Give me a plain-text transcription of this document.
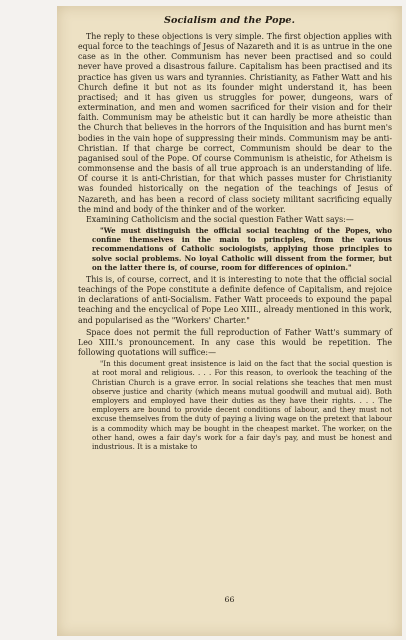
Socialism and the Pope.

The reply to these objections is very simple. The first objection applies with equal force to the teachings of Jesus of Nazareth and it is as untrue in the one case as in the other. Communism has never been practised and so could never have proved a disastrous failure. Capitalism has been practised and its practice has given us wars and tyrannies. Christianity, as Father Watt and his Church define it but not as its founder might understand it, has been practised; and it has given us struggles for power, dungeons, wars of extermination, and men and women sacrificed for their vision and for their faith. Communism may be atheistic but it can hardly be more atheistic than the Church that believes in the horrors of the Inquisition and has burnt men's bodies in the vain hope of suppressing their minds. Communism may be anti-Christian. If that charge be correct, Communism should be dear to the paganised soul of the Pope. Of course Communism is atheistic, for Atheism is commonsense and the basis of all true approach is an understanding of life. Of course it is anti-Christian, for that which passes muster for Christianity was founded historically on the negation of the teachings of Jesus of Nazareth, and has been a record of class society militant sacrificing equally the mind and body of the thinker and of the worker.

Examining Catholicism and the social question Father Watt says:—

"We must distinguish the official social teaching of the Popes, who confine themselves in the main to principles, from the various recommendations of Catholic sociologists, applying those principles to solve social problems. No loyal Catholic will dissent from the former, but on the latter there is, of course, room for differences of opinion."

This is, of course, correct, and it is interesting to note that the official social teachings of the Pope constitute a definite defence of Capitalism, and rejoice in declarations of anti-Socialism. Father Watt proceeds to expound the papal teaching and the encyclical of Pope Leo XIII., already mentioned in this work, and popularised as the "Workers' Charter."

Space does not permit the full reproduction of Father Watt's summary of Leo XIII.'s pronouncement. In any case this would be repetition. The following quotations will suffice:—

"In this document great insistence is laid on the fact that the social question is at root moral and religious. . . . For this reason, to overlook the teaching of the Christian Church is a grave error. In social relations she teaches that men must observe justice and charity (which means mutual goodwill and mutual aid). Both employers and employed have their duties as they have their rights. . . . The employers are bound to provide decent conditions of labour, and they must not excuse themselves from the duty of paying a living wage on the pretext that labour is a commodity which may be bought in the cheapest market. The worker, on the other hand, owes a fair day's work for a fair day's pay, and must be honest and industrious. It is a mistake to

66
